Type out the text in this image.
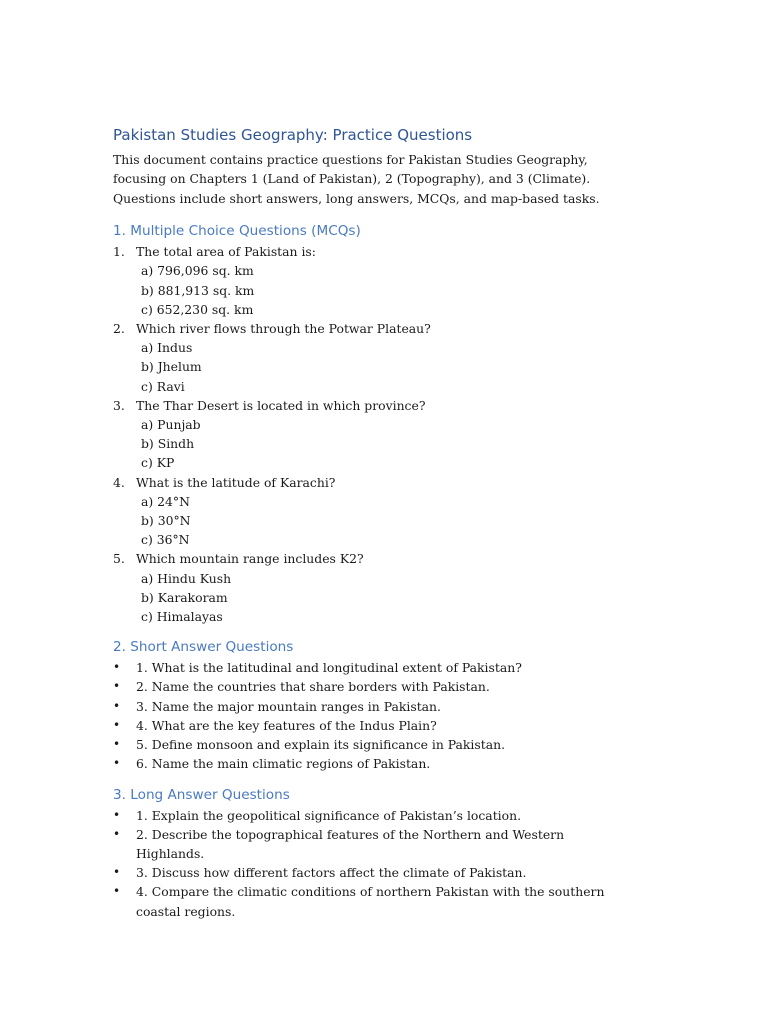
Pakistan Studies Geography: Practice Questions

This document contains practice questions for Pakistan Studies Geography, focusing on Chapters 1 (Land of Pakistan), 2 (Topography), and 3 (Climate). Questions include short answers, long answers, MCQs, and map-based tasks.

1. Multiple Choice Questions (MCQs)
1. The total area of Pakistan is:
a) 796,096 sq. km
b) 881,913 sq. km
c) 652,230 sq. km
2. Which river flows through the Potwar Plateau?
a) Indus
b) Jhelum
c) Ravi
3. The Thar Desert is located in which province?
a) Punjab
b) Sindh
c) KP
4. What is the latitude of Karachi?
a) 24°N
b) 30°N
c) 36°N
5. Which mountain range includes K2?
a) Hindu Kush
b) Karakoram
c) Himalayas
2. Short Answer Questions
• 1. What is the latitudinal and longitudinal extent of Pakistan?
• 2. Name the countries that share borders with Pakistan.
• 3. Name the major mountain ranges in Pakistan.
• 4. What are the key features of the Indus Plain?
• 5. Define monsoon and explain its significance in Pakistan.
• 6. Name the main climatic regions of Pakistan.
3. Long Answer Questions
• 1. Explain the geopolitical significance of Pakistan’s location.
• 2. Describe the topographical features of the Northern and Western Highlands.
• 3. Discuss how different factors affect the climate of Pakistan.
• 4. Compare the climatic conditions of northern Pakistan with the southern coastal regions.
